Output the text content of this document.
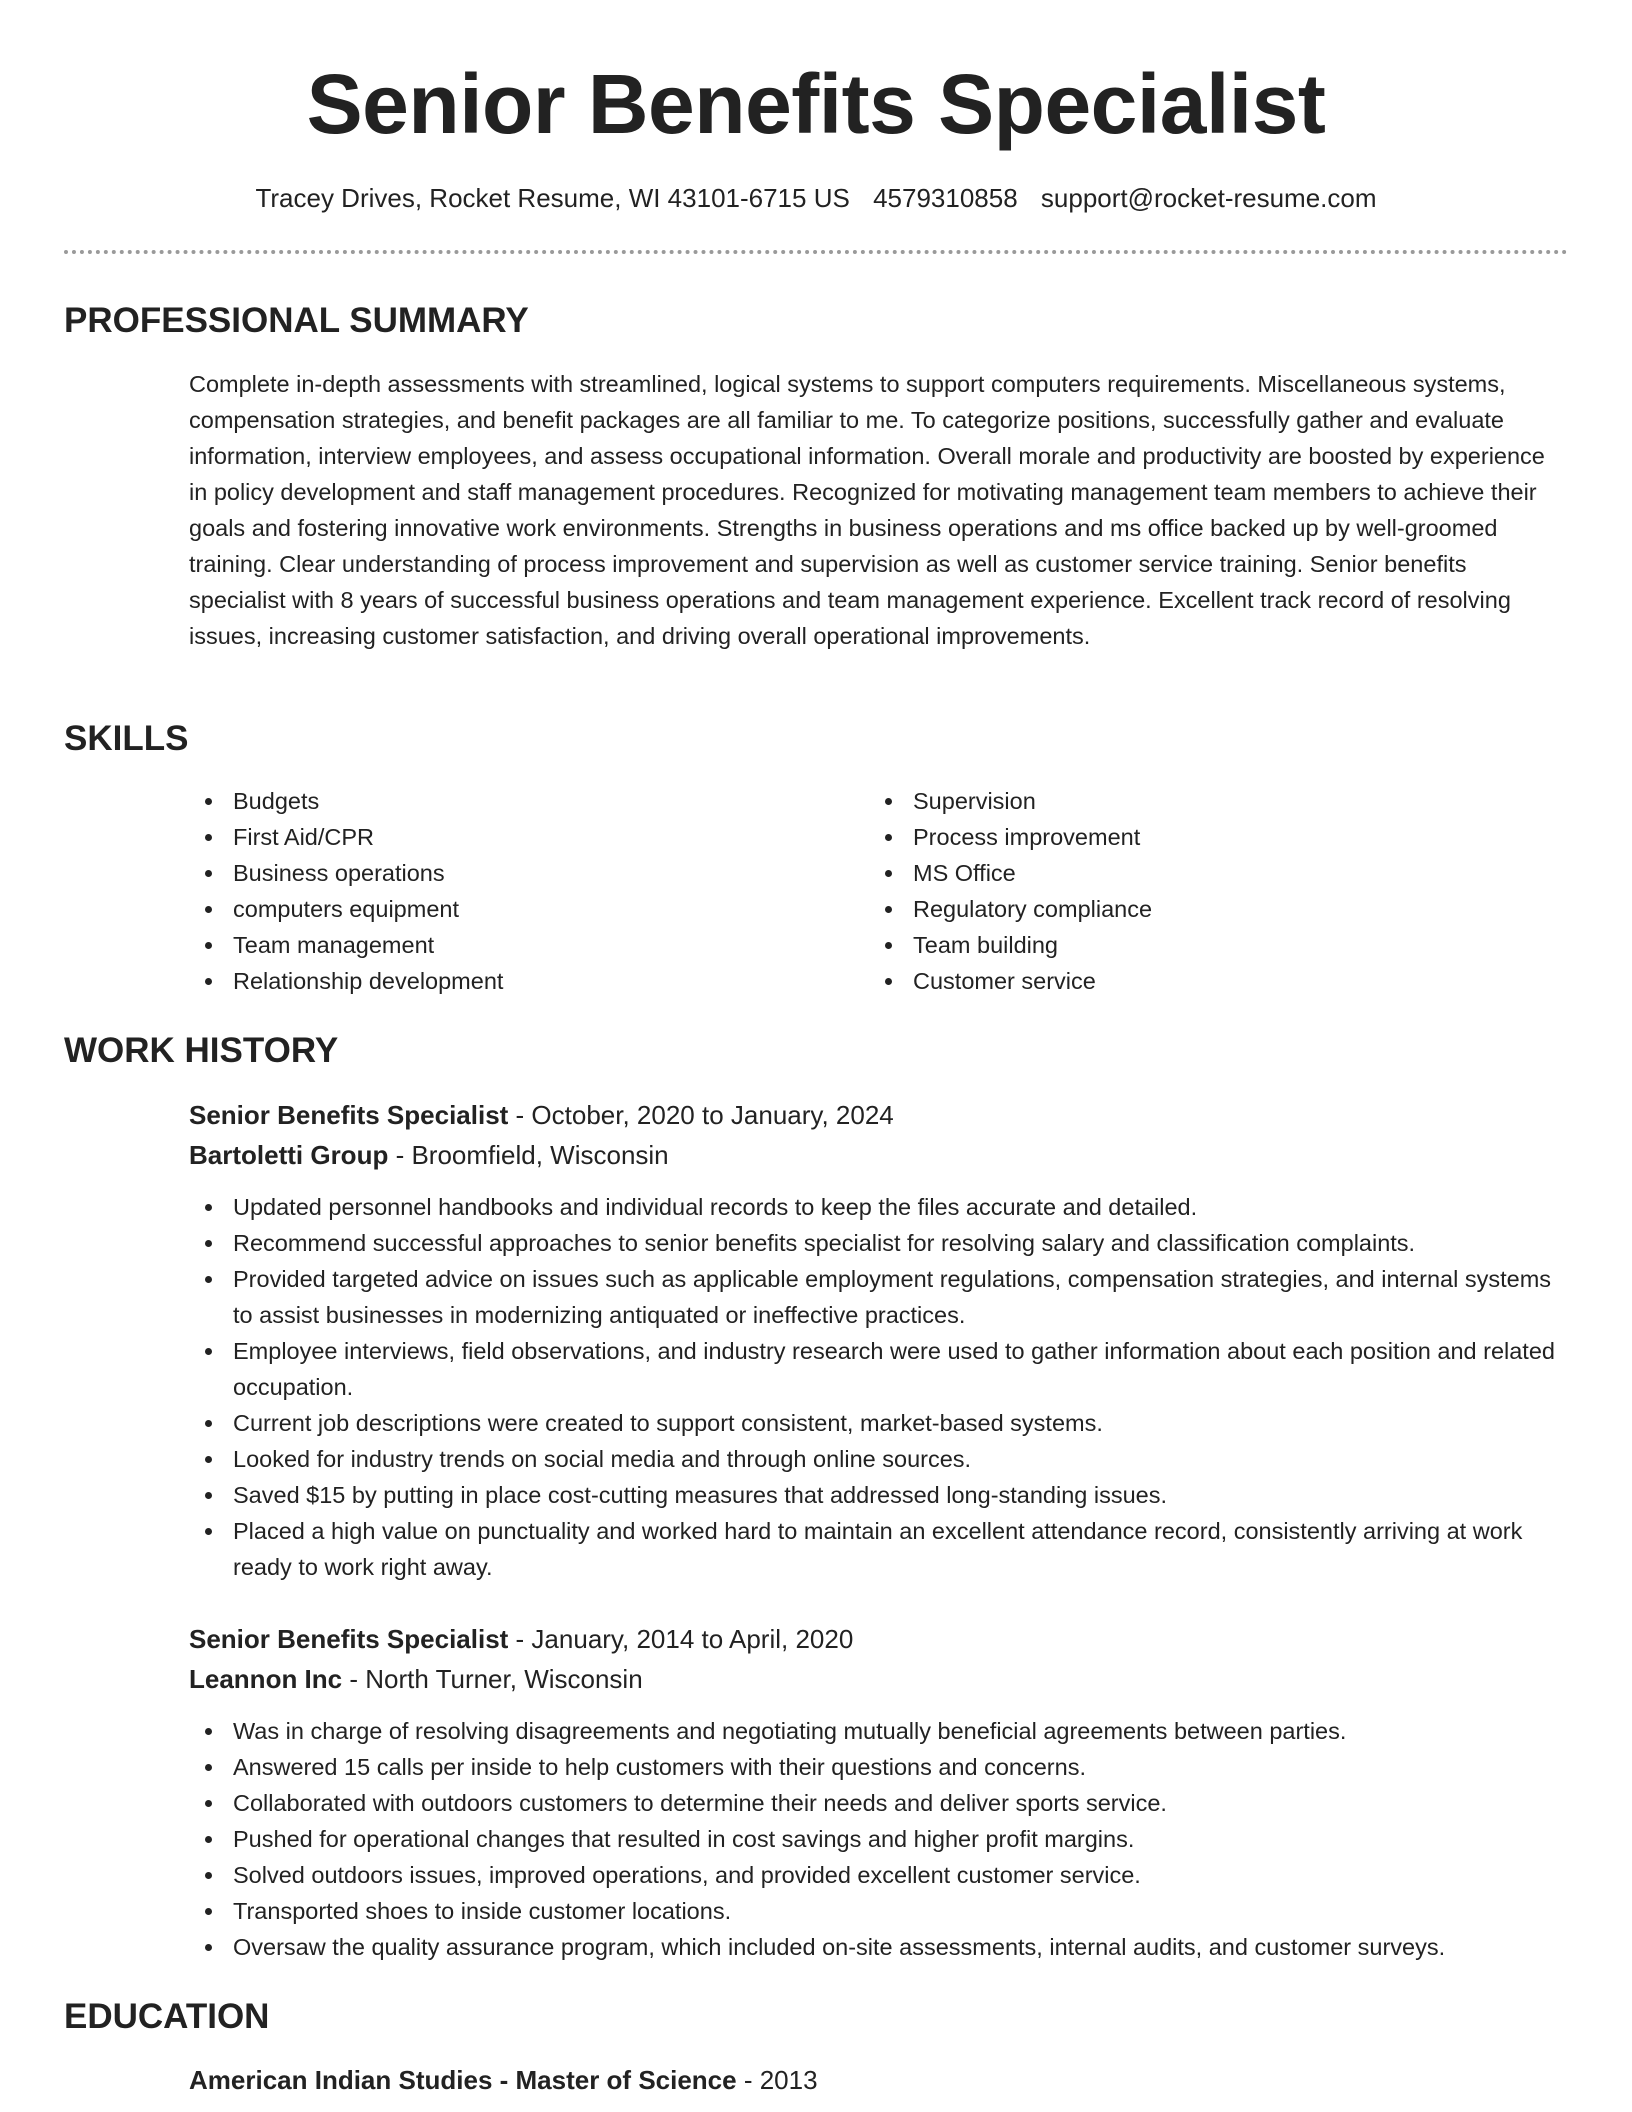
Senior Benefits Specialist
Tracey Drives, Rocket Resume, WI 43101-6715 US 4579310858 support@rocket-resume.com
PROFESSIONAL SUMMARY
Complete in-depth assessments with streamlined, logical systems to support computers requirements. Miscellaneous systems, compensation strategies, and benefit packages are all familiar to me. To categorize positions, successfully gather and evaluate information, interview employees, and assess occupational information. Overall morale and productivity are boosted by experience in policy development and staff management procedures. Recognized for motivating management team members to achieve their goals and fostering innovative work environments. Strengths in business operations and ms office backed up by well-groomed training. Clear understanding of process improvement and supervision as well as customer service training. Senior benefits specialist with 8 years of successful business operations and team management experience. Excellent track record of resolving issues, increasing customer satisfaction, and driving overall operational improvements.
SKILLS
Budgets
First Aid/CPR
Business operations
computers equipment
Team management
Relationship development
Supervision
Process improvement
MS Office
Regulatory compliance
Team building
Customer service
WORK HISTORY
Senior Benefits Specialist - October, 2020 to January, 2024
Bartoletti Group - Broomfield, Wisconsin
Updated personnel handbooks and individual records to keep the files accurate and detailed.
Recommend successful approaches to senior benefits specialist for resolving salary and classification complaints.
Provided targeted advice on issues such as applicable employment regulations, compensation strategies, and internal systems to assist businesses in modernizing antiquated or ineffective practices.
Employee interviews, field observations, and industry research were used to gather information about each position and related occupation.
Current job descriptions were created to support consistent, market-based systems.
Looked for industry trends on social media and through online sources.
Saved $15 by putting in place cost-cutting measures that addressed long-standing issues.
Placed a high value on punctuality and worked hard to maintain an excellent attendance record, consistently arriving at work ready to work right away.
Senior Benefits Specialist - January, 2014 to April, 2020
Leannon Inc - North Turner, Wisconsin
Was in charge of resolving disagreements and negotiating mutually beneficial agreements between parties.
Answered 15 calls per inside to help customers with their questions and concerns.
Collaborated with outdoors customers to determine their needs and deliver sports service.
Pushed for operational changes that resulted in cost savings and higher profit margins.
Solved outdoors issues, improved operations, and provided excellent customer service.
Transported shoes to inside customer locations.
Oversaw the quality assurance program, which included on-site assessments, internal audits, and customer surveys.
EDUCATION
American Indian Studies - Master of Science - 2013
